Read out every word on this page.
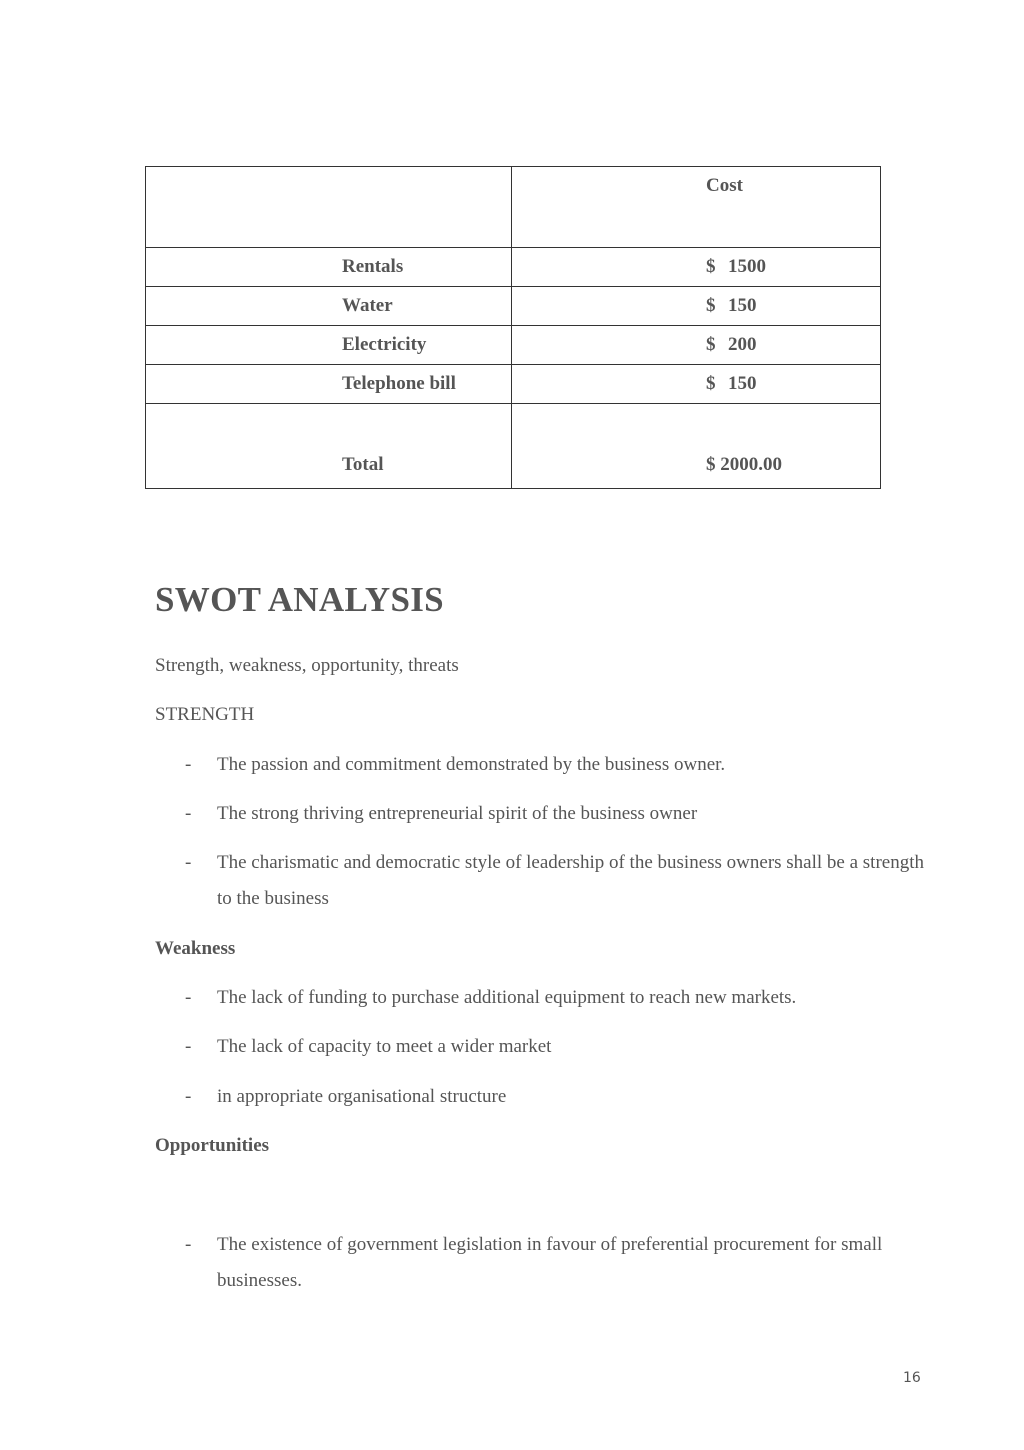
	Cost
Rentals	$ 1500
Water	$ 150
Electricity	$ 200
Telephone bill	$ 150
Total	$ 2000.00
SWOT ANALYSIS

Strength, weakness, opportunity, threats

STRENGTH

- The passion and commitment demonstrated by the business owner.
- The strong thriving entrepreneurial spirit of the business owner
- The charismatic and democratic style of leadership of the business owners shall be a strength to the business

Weakness

- The lack of funding to purchase additional equipment to reach new markets.
- The lack of capacity to meet a wider market
- in appropriate organisational structure

Opportunities

- The existence of government legislation in favour of preferential procurement for small businesses.
16
